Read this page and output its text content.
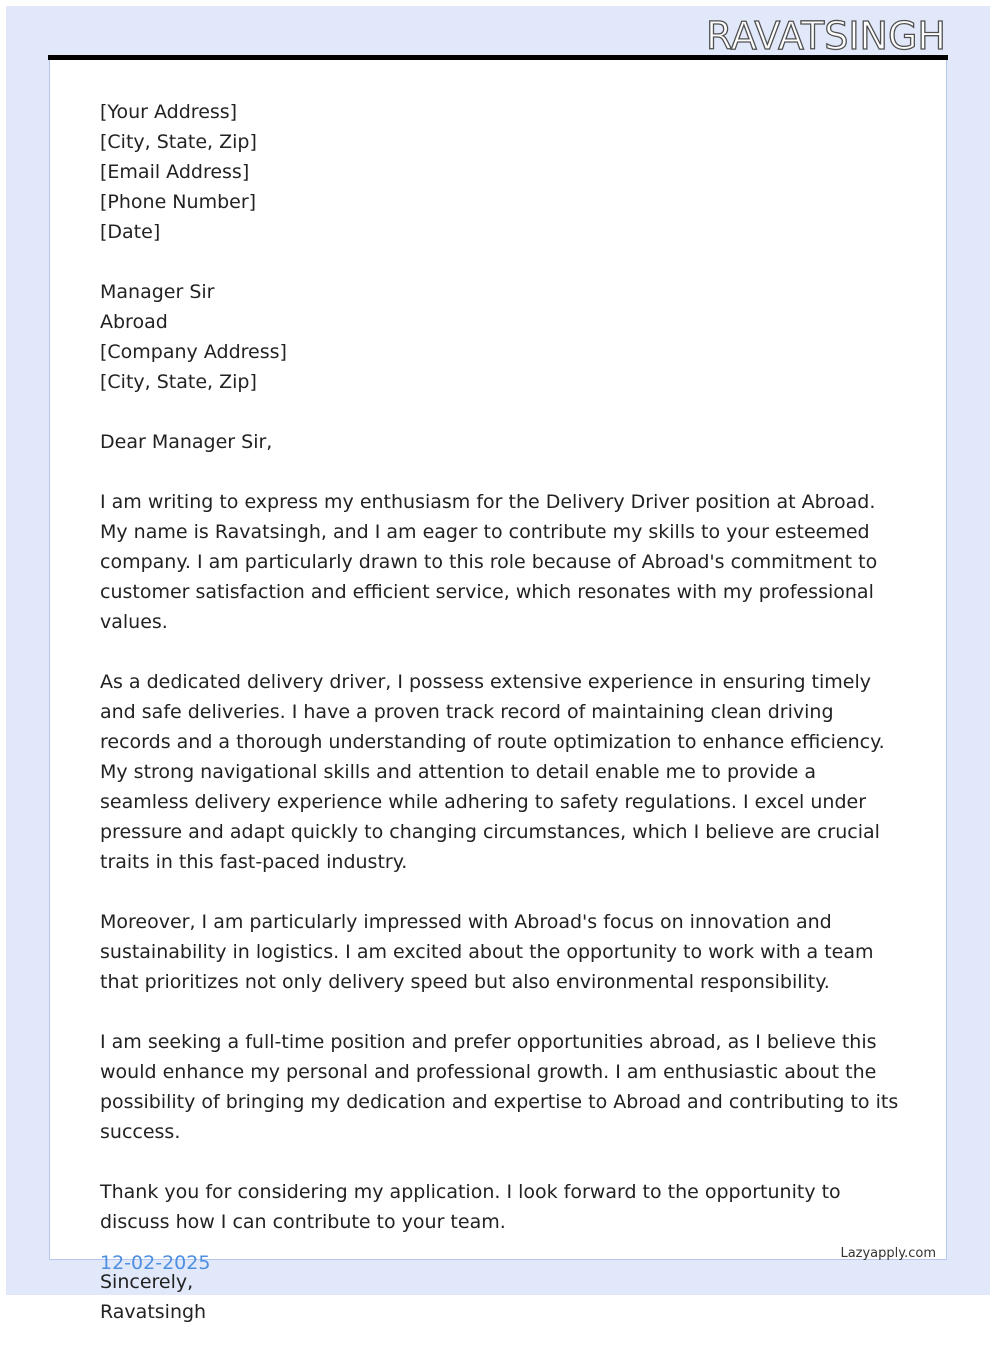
RAVATSINGH
[Your Address]
[City, State, Zip]
[Email Address]
[Phone Number]
[Date]
Manager Sir
Abroad
[Company Address]
[City, State, Zip]

Dear Manager Sir,

I am writing to express my enthusiasm for the Delivery Driver position at Abroad. My name is Ravatsingh, and I am eager to contribute my skills to your esteemed company. I am particularly drawn to this role because of Abroad's commitment to customer satisfaction and efficient service, which resonates with my professional values.

As a dedicated delivery driver, I possess extensive experience in ensuring timely and safe deliveries. I have a proven track record of maintaining clean driving records and a thorough understanding of route optimization to enhance efficiency. My strong navigational skills and attention to detail enable me to provide a seamless delivery experience while adhering to safety regulations. I excel under pressure and adapt quickly to changing circumstances, which I believe are crucial traits in this fast-paced industry.

Moreover, I am particularly impressed with Abroad's focus on innovation and sustainability in logistics. I am excited about the opportunity to work with a team that prioritizes not only delivery speed but also environmental responsibility.

I am seeking a full-time position and prefer opportunities abroad, as I believe this would enhance my personal and professional growth. I am enthusiastic about the possibility of bringing my dedication and expertise to Abroad and contributing to its success.

Thank you for considering my application. I look forward to the opportunity to discuss how I can contribute to your team.

Sincerely,
Ravatsingh
12-02-2025	Lazyapply.com
